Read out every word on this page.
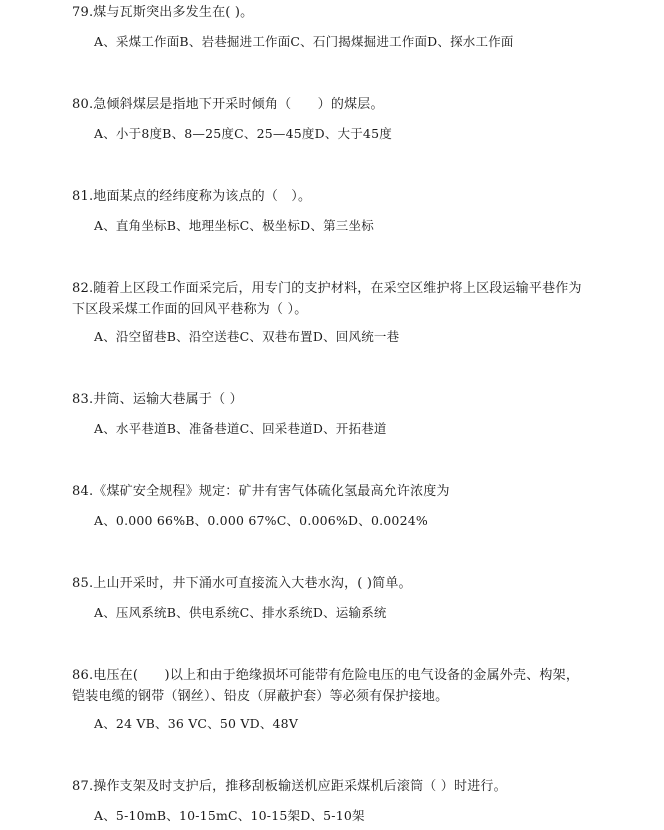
79.煤与瓦斯突出多发生在( )。

A、采煤工作面B、岩巷掘进工作面C、石门揭煤掘进工作面D、探水工作面

80.急倾斜煤层是指地下开采时倾角（　　）的煤层。

A、小于8度B、8—25度C、25—45度D、大于45度

81.地面某点的经纬度称为该点的（　）。

A、直角坐标B、地理坐标C、极坐标D、第三坐标

82.随着上区段工作面采完后，用专门的支护材料，在采空区维护将上区段运输平巷作为下区段采煤工作面的回风平巷称为（ ）。

A、沿空留巷B、沿空送巷C、双巷布置D、回风统一巷

83.井筒、运输大巷属于（ ）

A、水平巷道B、准备巷道C、回采巷道D、开拓巷道

84.《煤矿安全规程》规定：矿井有害气体硫化氢最高允许浓度为

A、0.000 66%B、0.000 67%C、0.006%D、0.0024%

85.上山开采时，井下涌水可直接流入大巷水沟，( )简单。

A、压风系统B、供电系统C、排水系统D、运输系统

86.电压在(　　)以上和由于绝缘损坏可能带有危险电压的电气设备的金属外壳、构架，铠装电缆的钢带（钢丝）、铅皮（屏蔽护套）等必须有保护接地。

A、24 VB、36 VC、50 VD、48V

87.操作支架及时支护后，推移刮板输送机应距采煤机后滚筒（ ）时进行。

A、5-10mB、10-15mC、10-15架D、5-10架
